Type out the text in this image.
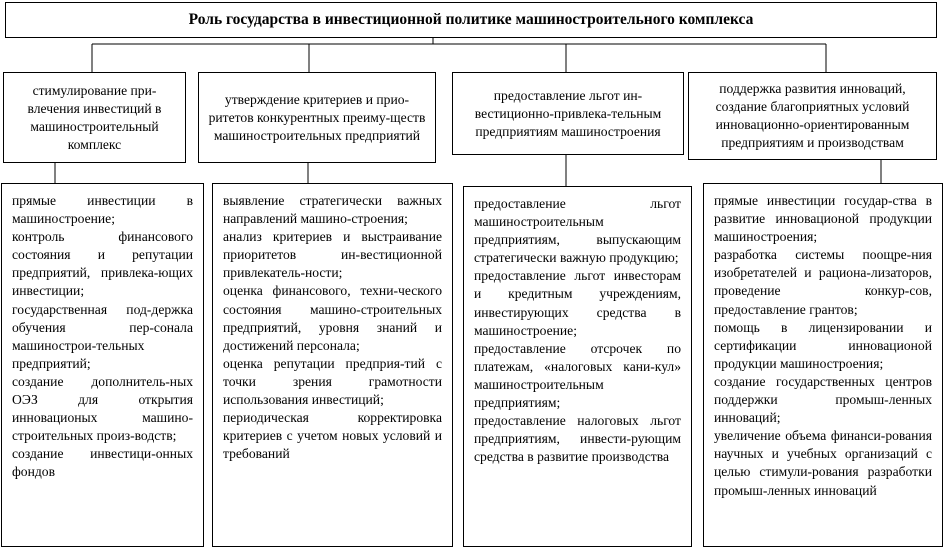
Роль государства в инвестиционной политике машиностроительного комплекса
стимулирование при- влечения инвестиций в машиностроительный комплекс
утверждение критериев и прио-ритетов конкурентных преиму-ществ машиностроительных предприятий
предоставление льгот ин-вестиционно-привлека-тельным предприятиям машиностроения
поддержка развития инноваций, создание благоприятных условий инновационно-ориентированным предприятиям и производствам
прямые инвестиции в машиностроение;
контроль финансового состояния и репутации предприятий, привлека-ющих инвестиции;
государственная под-держка обучения пер-сонала машинострои-тельных предприятий;
создание дополнитель-ных ОЭЗ для открытия инновационых машино-строительных произ-водств;
создание инвестици-онных фондов
выявление стратегически важных направлений машино-строения;
анализ критериев и выстраивание приоритетов ин-вестиционной привлекатель-ности;
оценка финансового, техни-ческого состояния машино-строительных предприятий, уровня знаний и достижений персонала;
оценка репутации предприя-тий с точки зрения грамотности использования инвестиций;
периодическая корректировка критериев с учетом новых условий и требований
предоставление льгот машиностроительным предприятиям, выпускающим стратегически важную продукцию;
предоставление льгот инвесторам и кредитным учреждениям, инвестирующих средства в машиностроение;
предоставление отсрочек по платежам, «налоговых кани-кул» машиностроительным предприятиям;
предоставление налоговых льгот предприятиям, инвести-рующим средства в развитие производства
прямые инвестиции государ-ства в развитие инновационой продукции машиностроения;
разработка системы поощре-ния изобретателей и рациона-лизаторов, проведение конкур-сов, предоставление грантов;
помощь в лицензировании и сертификации инновационой продукции машиностроения;
создание государственных центров поддержки промыш-ленных инноваций;
увеличение объема финанси-рования научных и учебных организаций с целью стимули-рования разработки промыш-ленных инноваций
